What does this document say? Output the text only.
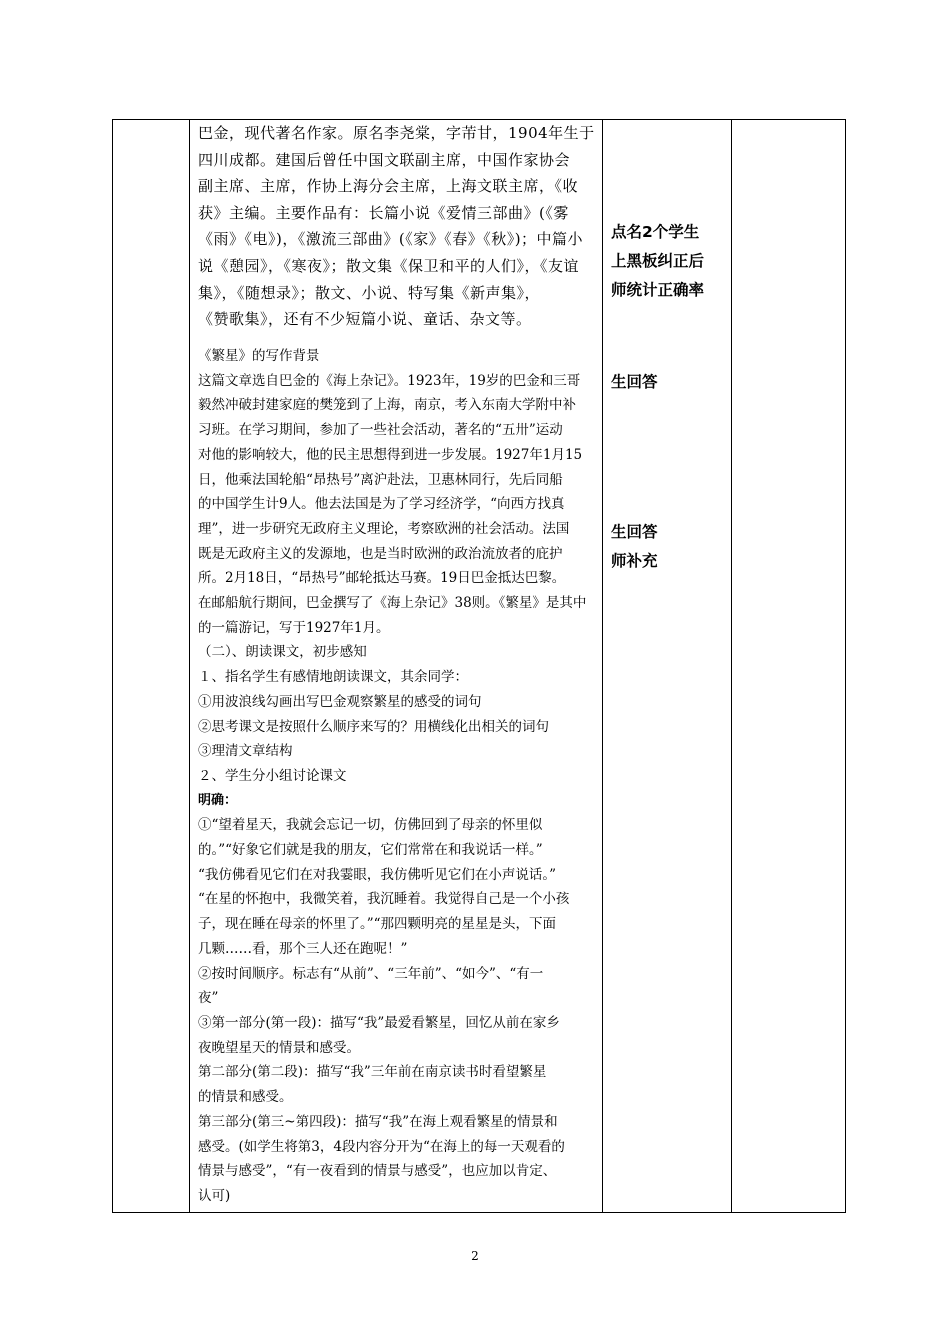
巴金，现代著名作家。原名李尧棠，字芾甘，1904年生于

四川成都。建国后曾任中国文联副主席，中国作家协会

副主席、主席，作协上海分会主席，上海文联主席，《收

获》主编。主要作品有：长篇小说《爱情三部曲》(《雾

《雨》《电》)，《激流三部曲》(《家》《春》《秋》)；中篇小

说《憩园》，《寒夜》；散文集《保卫和平的人们》，《友谊

集》，《随想录》；散文、小说、特写集《新声集》，

《赞歌集》，还有不少短篇小说、童话、杂文等。

《繁星》的写作背景

这篇文章选自巴金的《海上杂记》。1923年，19岁的巴金和三哥

毅然冲破封建家庭的樊笼到了上海，南京，考入东南大学附中补

习班。在学习期间，参加了一些社会活动，著名的“五卅”运动

对他的影响较大，他的民主思想得到进一步发展。1927年1月15

日，他乘法国轮船“昂热号”离沪赴法，卫惠林同行，先后同船

的中国学生计9人。他去法国是为了学习经济学，“向西方找真

理”，进一步研究无政府主义理论，考察欧洲的社会活动。法国

既是无政府主义的发源地，也是当时欧洲的政治流放者的庇护

所。2月18日，“昂热号”邮轮抵达马赛。19日巴金抵达巴黎。

在邮船航行期间，巴金撰写了《海上杂记》38则。《繁星》是其中

的一篇游记，写于1927年1月。

（二）、朗读课文，初步感知

１、指名学生有感情地朗读课文，其余同学：

①用波浪线勾画出写巴金观察繁星的感受的词句

②思考课文是按照什么顺序来写的？用横线化出相关的词句

③理清文章结构

２、学生分小组讨论课文

明确：

①“望着星天，我就会忘记一切，仿佛回到了母亲的怀里似

的。”“好象它们就是我的朋友，它们常常在和我说话一样。”

“我仿佛看见它们在对我霎眼，我仿佛听见它们在小声说话。”

“在星的怀抱中，我微笑着，我沉睡着。我觉得自己是一个小孩

子，现在睡在母亲的怀里了。”“那四颗明亮的星星是头，下面

几颗……看，那个三人还在跑呢！”

②按时间顺序。标志有“从前”、“三年前”、“如今”、“有一

夜”

③第一部分(第一段)：描写“我”最爱看繁星，回忆从前在家乡

夜晚望星天的情景和感受。

第二部分(第二段)：描写“我”三年前在南京读书时看望繁星

的情景和感受。

第三部分(第三~第四段)：描写“我”在海上观看繁星的情景和

感受。(如学生将第3，4段内容分开为“在海上的每一天观看的

情景与感受”，“有一夜看到的情景与感受”，也应加以肯定、

认可)

点名2个学生

上黑板纠正后

师统计正确率

生回答

生回答

师补充

2
